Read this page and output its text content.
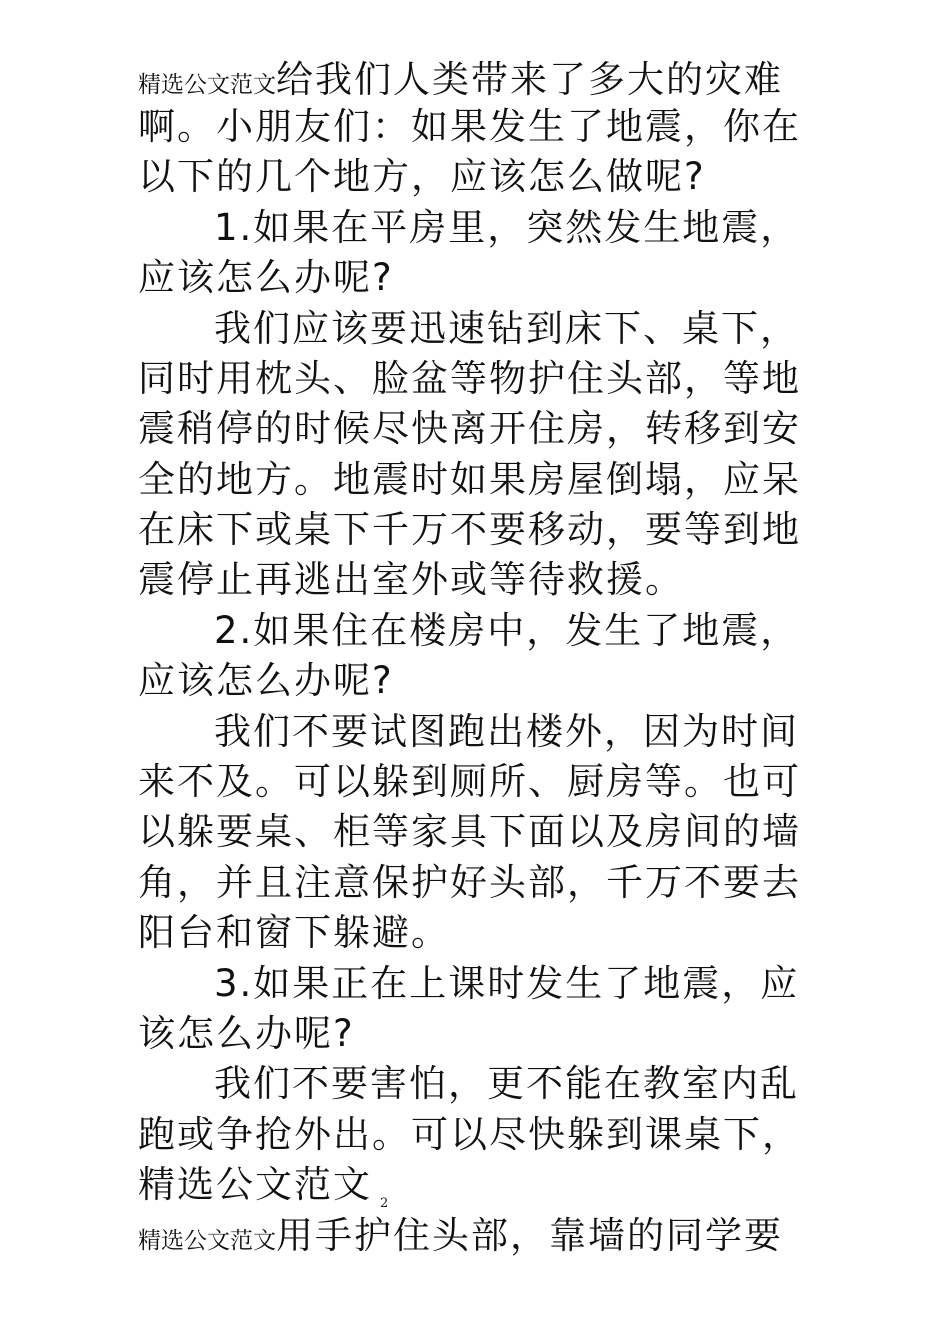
精选公文范文给我们人类带来了多大的灾难
啊。小朋友们：如果发生了地震，你在
以下的几个地方，应该怎么做呢?
1.如果在平房里，突然发生地震，
应该怎么办呢?
我们应该要迅速钻到床下、桌下，
同时用枕头、脸盆等物护住头部，等地
震稍停的时候尽快离开住房，转移到安
全的地方。地震时如果房屋倒塌，应呆
在床下或桌下千万不要移动，要等到地
震停止再逃出室外或等待救援。
2.如果住在楼房中，发生了地震，
应该怎么办呢?
我们不要试图跑出楼外，因为时间
来不及。可以躲到厕所、厨房等。也可
以躲要桌、柜等家具下面以及房间的墙
角，并且注意保护好头部，千万不要去
阳台和窗下躲避。
3.如果正在上课时发生了地震，应
该怎么办呢?
我们不要害怕，更不能在教室内乱
跑或争抢外出。可以尽快躲到课桌下，
精选公文范文 $_2$
精选公文范文用手护住头部，靠墙的同学要
